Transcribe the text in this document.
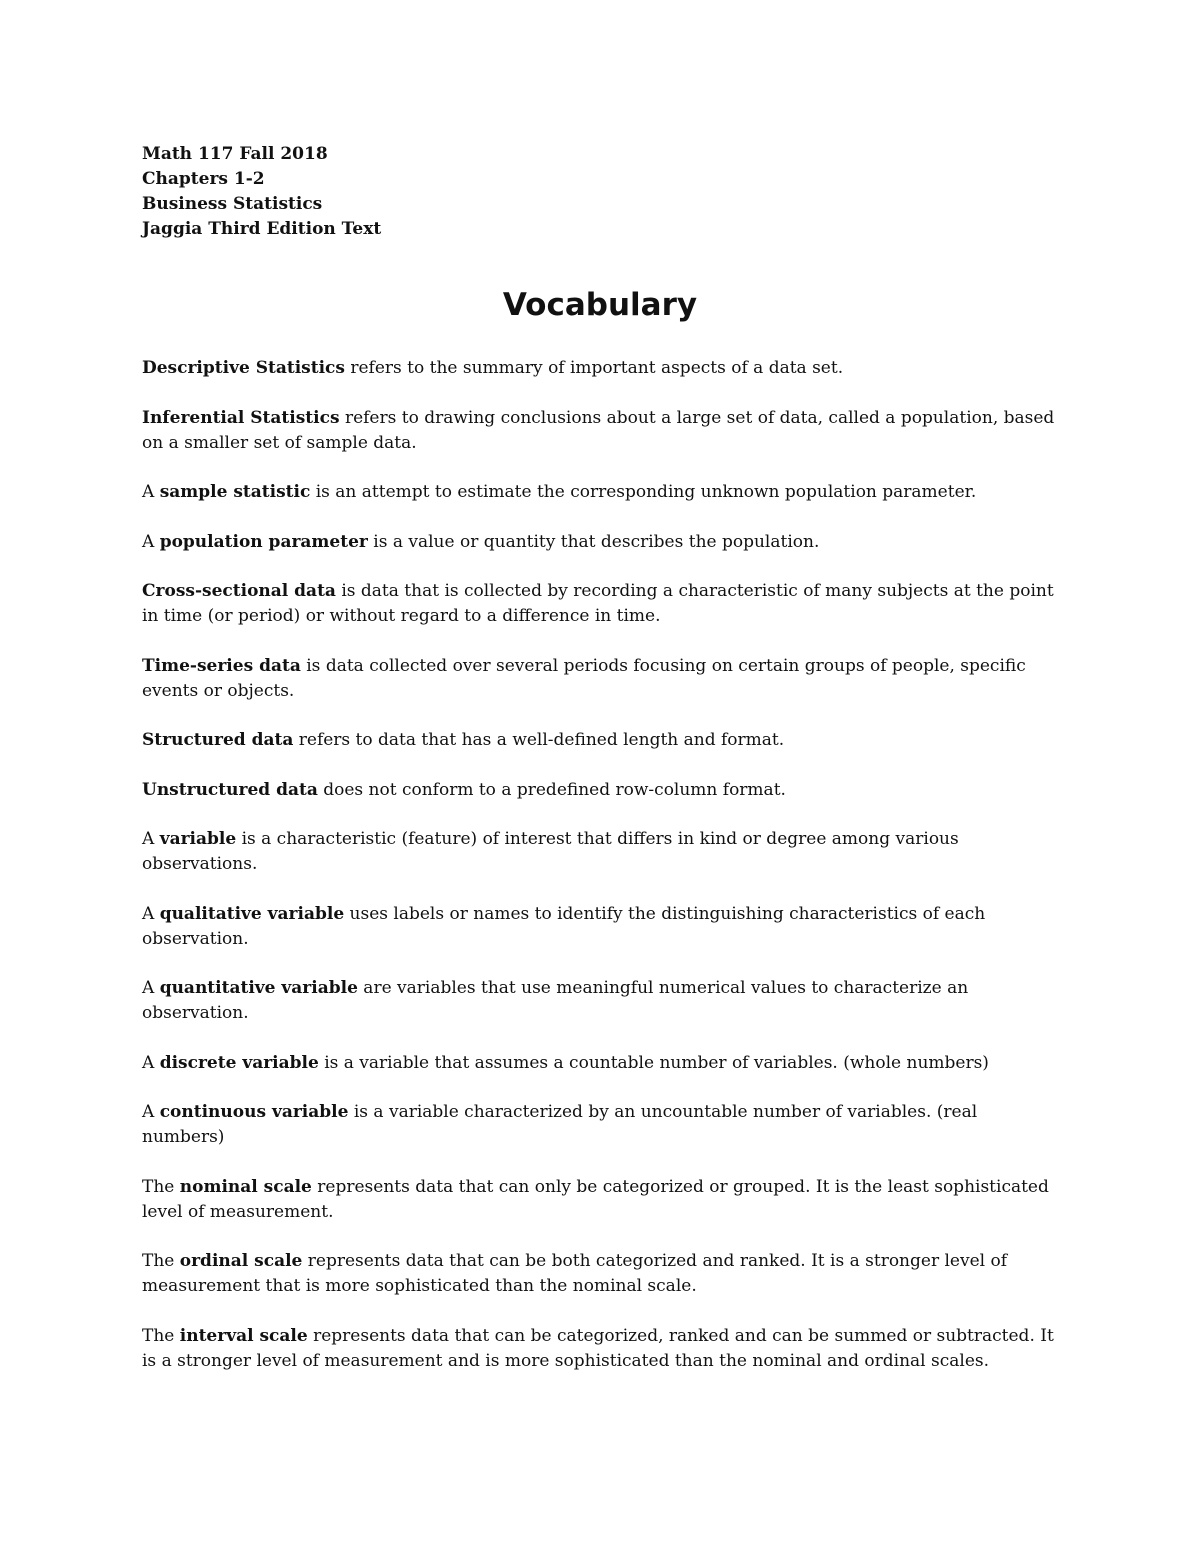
Math 117 Fall 2018
Chapters 1-2
Business Statistics
Jaggia Third Edition Text
Vocabulary

Descriptive Statistics refers to the summary of important aspects of a data set.

Inferential Statistics refers to drawing conclusions about a large set of data, called a population, based on a smaller set of sample data.

A sample statistic is an attempt to estimate the corresponding unknown population parameter.

A population parameter is a value or quantity that describes the population.

Cross-sectional data is data that is collected by recording a characteristic of many subjects at the point in time (or period) or without regard to a difference in time.

Time-series data is data collected over several periods focusing on certain groups of people, specific events or objects.

Structured data refers to data that has a well-defined length and format.

Unstructured data does not conform to a predefined row-column format.

A variable is a characteristic (feature) of interest that differs in kind or degree among various observations.

A qualitative variable uses labels or names to identify the distinguishing characteristics of each observation.

A quantitative variable are variables that use meaningful numerical values to characterize an observation.

A discrete variable is a variable that assumes a countable number of variables. (whole numbers)

A continuous variable is a variable characterized by an uncountable number of variables. (real numbers)

The nominal scale represents data that can only be categorized or grouped. It is the least sophisticated level of measurement.

The ordinal scale represents data that can be both categorized and ranked. It is a stronger level of measurement that is more sophisticated than the nominal scale.

The interval scale represents data that can be categorized, ranked and can be summed or subtracted. It is a stronger level of measurement and is more sophisticated than the nominal and ordinal scales.
